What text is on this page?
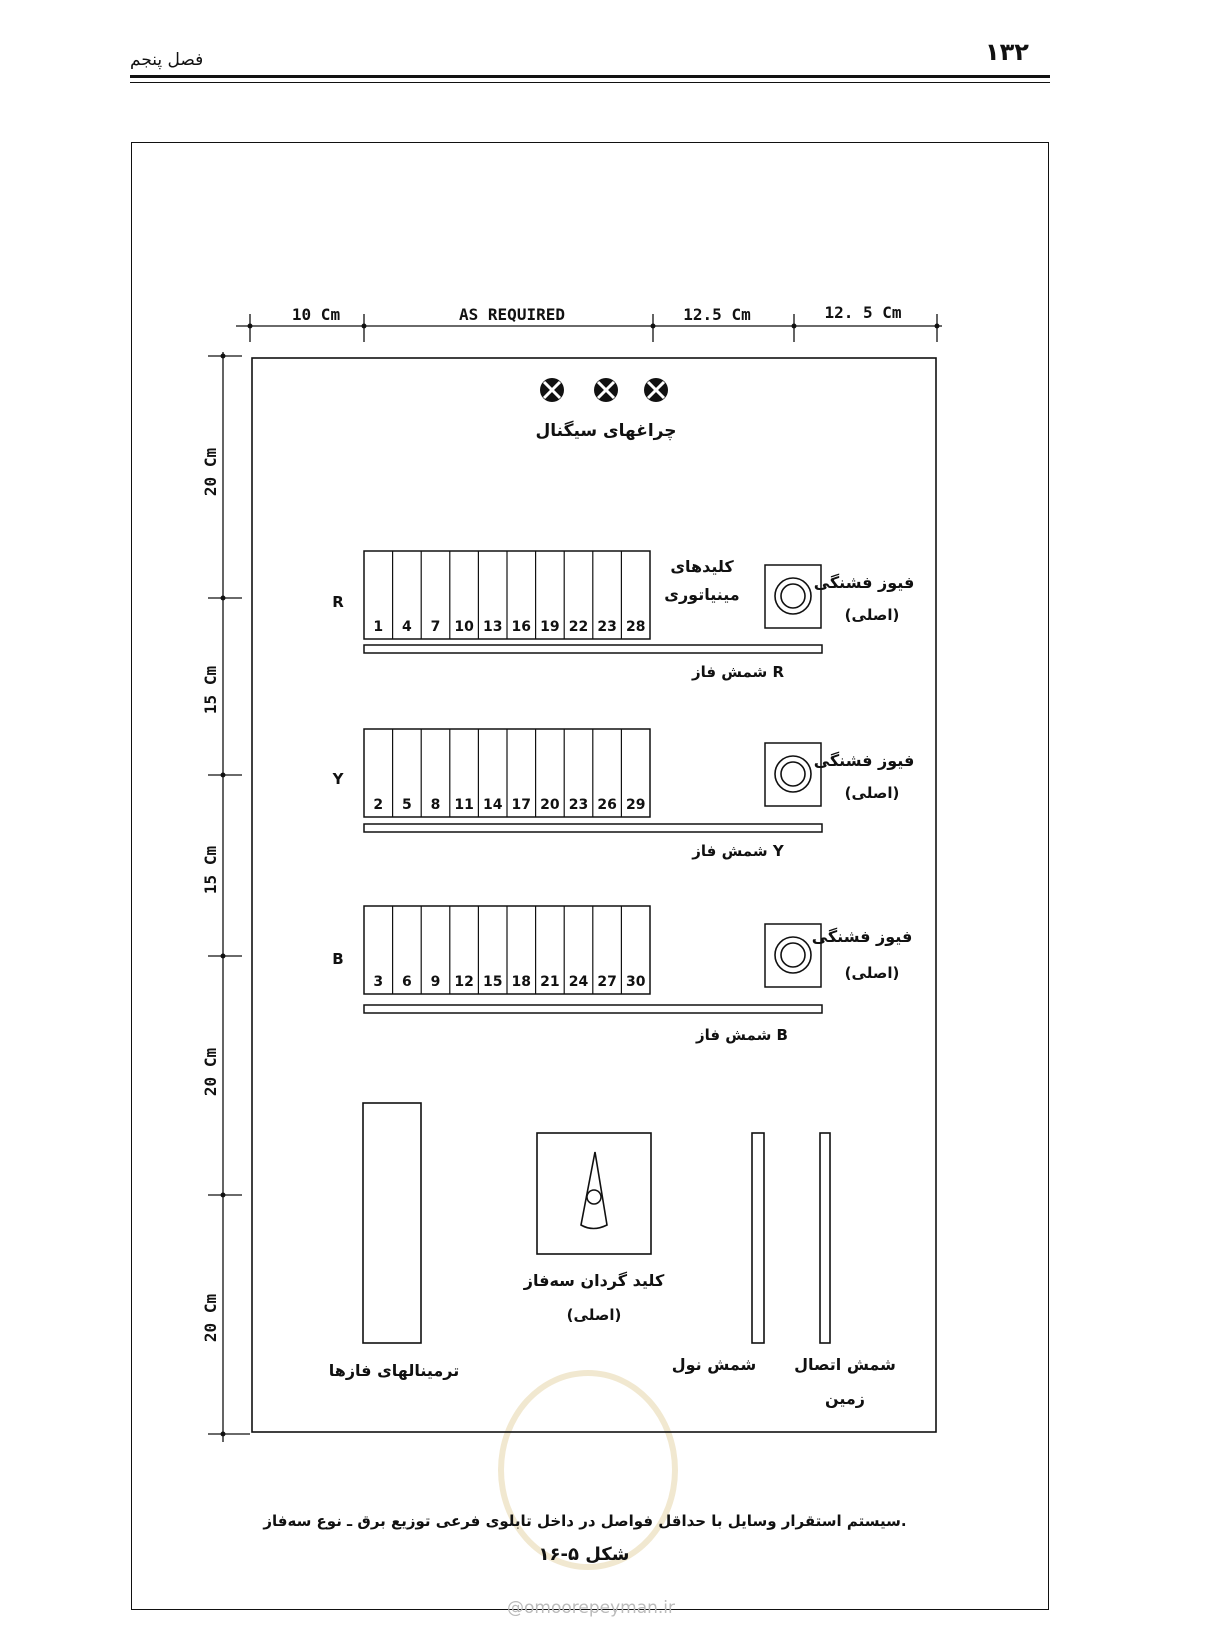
۱۳۲
فصل پنجم
10 Cm	AS REQUIRED	12.5 Cm	12. 5 Cm
20 Cm
15 Cm
15 Cm
20 Cm
20 Cm
چراغهای سیگنال
کلیدهای
مینیاتوری
R
1 4 7 10 13 16 19 22 23 28
شمش فاز R
فیوز فشنگی
(اصلی)
Y
2 5 8 11 14 17 20 23 26 29
شمش فاز Y
فیوز فشنگی
(اصلی)
B
3 6 9 12 15 18 21 24 27 30
شمش فاز B
فیوز فشنگی
(اصلی)
ترمینالهای فازها
کلید گردان سه‌فاز
(اصلی)
شمش نول شمش اتصال
زمین
سیستم استقرار وسایل با حداقل فواصل در داخل تابلوی فرعی توزیع برق ـ نوع سه‌فاز.
شکل ۵-۱۶
@omoorepeyman.ir
